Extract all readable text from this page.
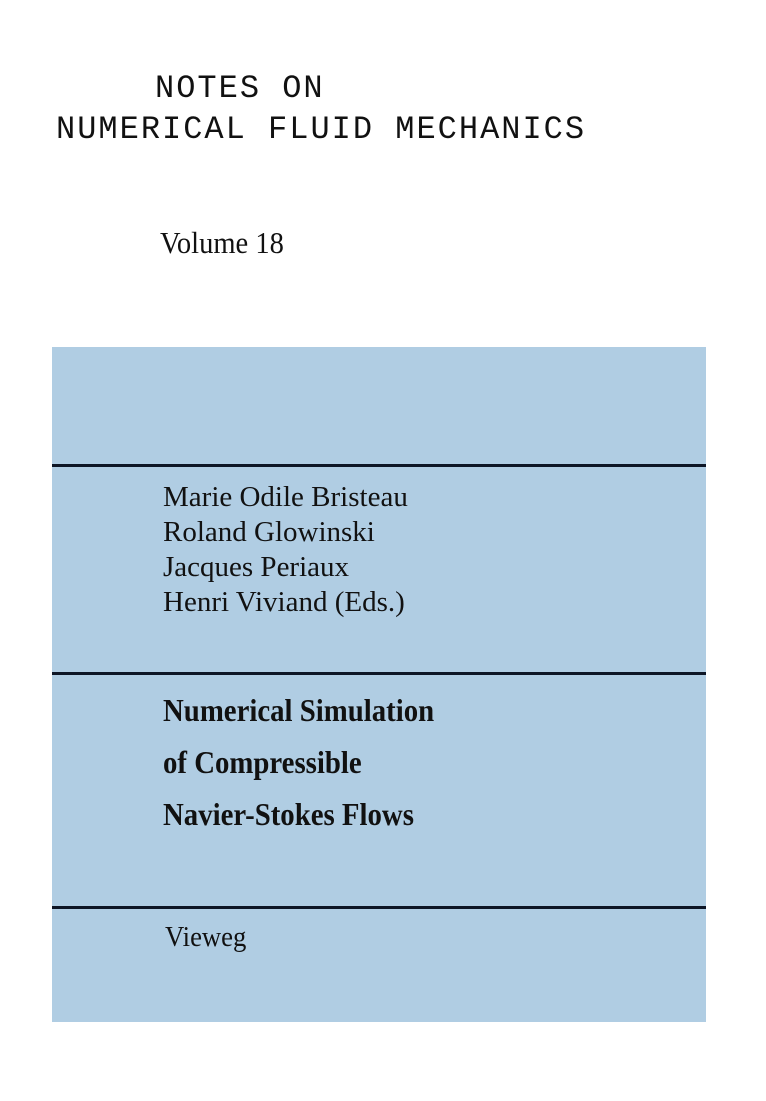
NOTES ON
NUMERICAL FLUID MECHANICS
Volume 18
Marie Odile Bristeau
Roland Glowinski
Jacques Periaux
Henri Viviand (Eds.)
Numerical Simulation
of Compressible
Navier-Stokes Flows
Vieweg
